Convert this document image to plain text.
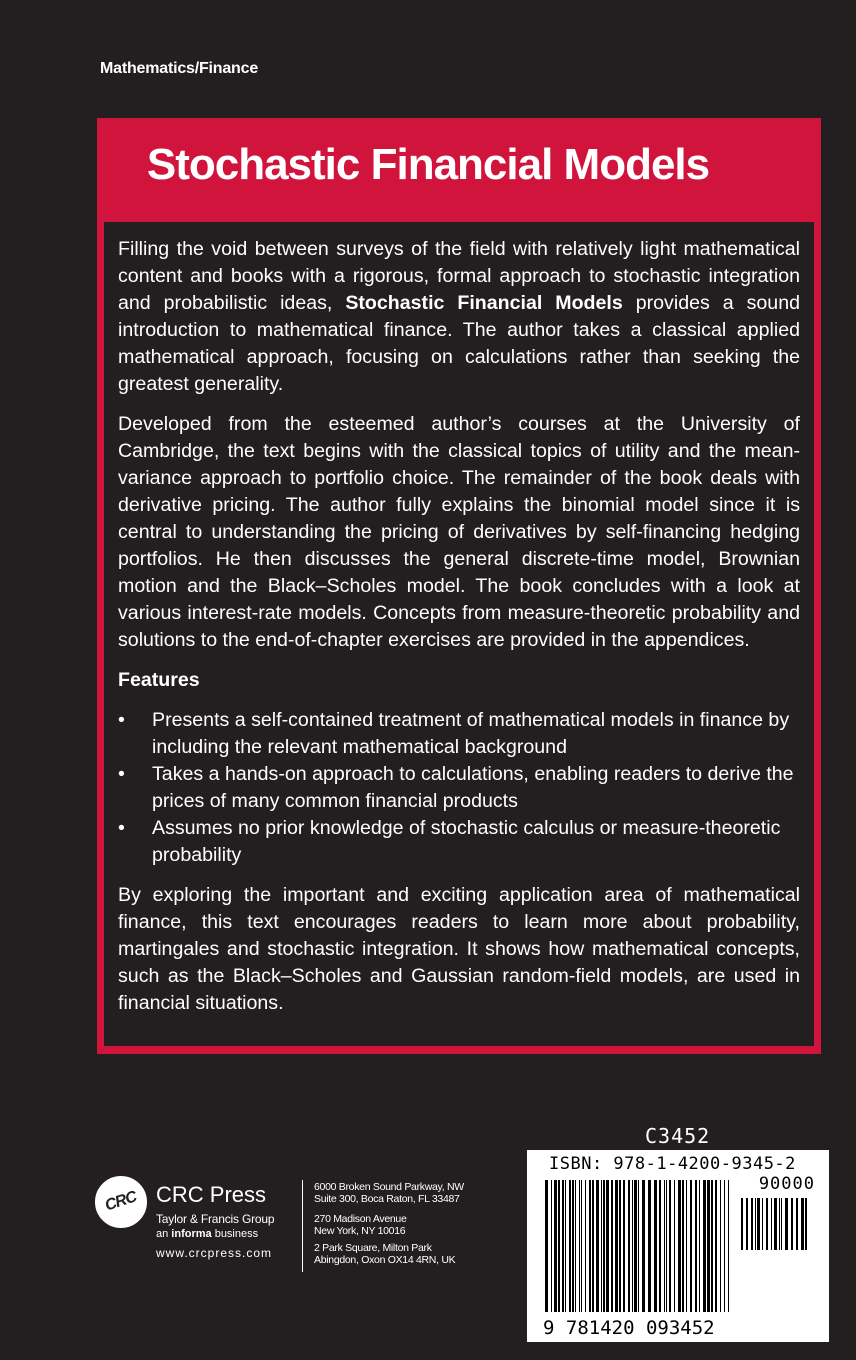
Mathematics/Finance
Stochastic Financial Models

Filling the void between surveys of the field with relatively light mathematical content and books with a rigorous, formal approach to stochastic integration and probabilistic ideas, Stochastic Financial Models provides a sound introduction to mathematical finance. The author takes a classical applied mathematical approach, focusing on calculations rather than seeking the greatest generality.

Developed from the esteemed author’s courses at the University of Cambridge, the text begins with the classical topics of utility and the mean-variance approach to portfolio choice. The remainder of the book deals with derivative pricing. The author fully explains the binomial model since it is central to understanding the pricing of derivatives by self-financing hedging portfolios. He then discusses the general discrete-time model, Brownian motion and the Black–Scholes model. The book concludes with a look at various interest-rate models. Concepts from measure-theoretic probability and solutions to the end-of-chapter exercises are provided in the appendices.

Features

• Presents a self-contained treatment of mathematical models in finance by including the relevant mathematical background
• Takes a hands-on approach to calculations, enabling readers to derive the prices of many common financial products
• Assumes no prior knowledge of stochastic calculus or measure-theoretic probability

By exploring the important and exciting application area of mathematical finance, this text encourages readers to learn more about probability, martingales and stochastic integration. It shows how mathematical concepts, such as the Black–Scholes and Gaussian random-field models, are used in financial situations.

CRC CRC Press
Taylor & Francis Group
an informa business
www.crcpress.com
6000 Broken Sound Parkway, NW
Suite 300, Boca Raton, FL 33487
270 Madison Avenue
New York, NY 10016
2 Park Square, Milton Park
Abingdon, Oxon OX14 4RN, UK
C3452
ISBN: 978-1-4200-9345-2
90000
9 781420 093452
